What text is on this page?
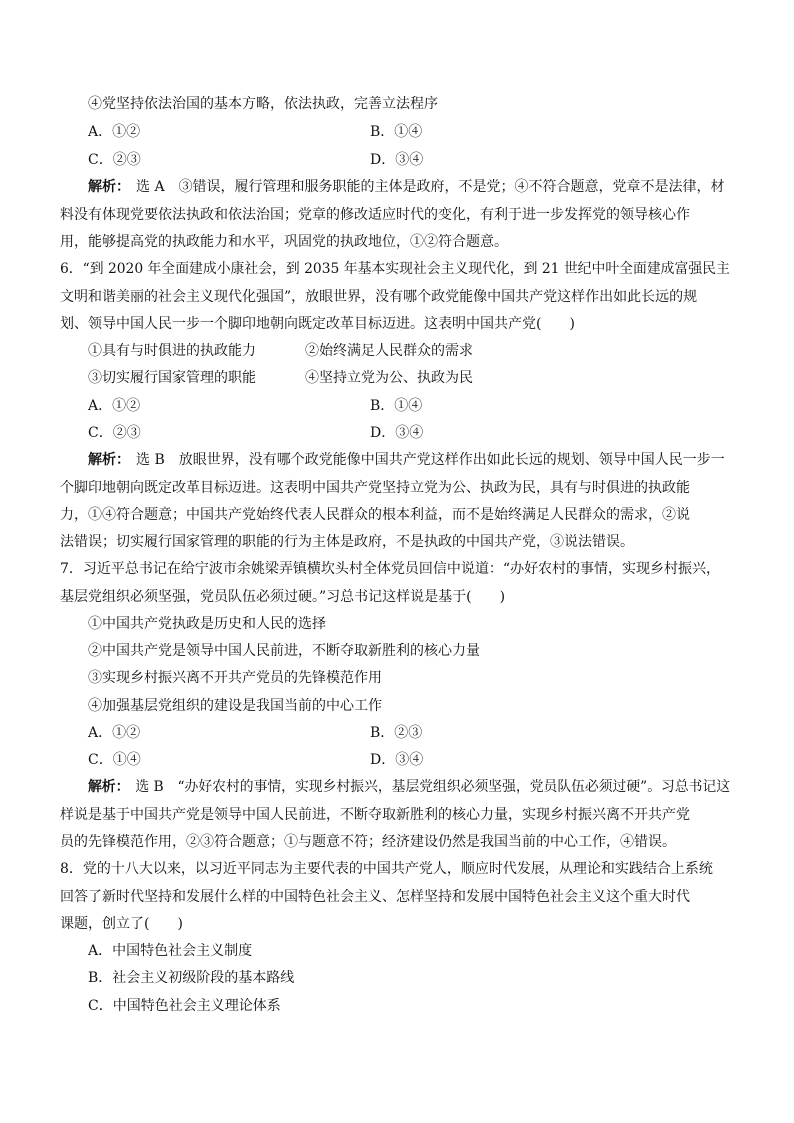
④党坚持依法治国的基本方略，依法执政，完善立法程序
A．①②	B．①④
C．②③	D．③④
解析： 选 A　③错误，履行管理和服务职能的主体是政府，不是党；④不符合题意，党章不是法律，材
料没有体现党要依法执政和依法治国；党章的修改适应时代的变化，有利于进一步发挥党的领导核心作
用，能够提高党的执政能力和水平，巩固党的执政地位，①②符合题意。
6．“到 2020 年全面建成小康社会，到 2035 年基本实现社会主义现代化，到 21 世纪中叶全面建成富强民主
文明和谐美丽的社会主义现代化强国”，放眼世界，没有哪个政党能像中国共产党这样作出如此长远的规
划、领导中国人民一步一个脚印地朝向既定改革目标迈进。这表明中国共产党(　　)
①具有与时俱进的执政能力	②始终满足人民群众的需求
③切实履行国家管理的职能	④坚持立党为公、执政为民
A．①②	B．①④
C．②③	D．③④
解析： 选 B　放眼世界，没有哪个政党能像中国共产党这样作出如此长远的规划、领导中国人民一步一
个脚印地朝向既定改革目标迈进。这表明中国共产党坚持立党为公、执政为民，具有与时俱进的执政能
力，①④符合题意；中国共产党始终代表人民群众的根本利益，而不是始终满足人民群众的需求，②说
法错误；切实履行国家管理的职能的行为主体是政府，不是执政的中国共产党，③说法错误。
7．习近平总书记在给宁波市余姚梁弄镇横坎头村全体党员回信中说道：“办好农村的事情，实现乡村振兴，
基层党组织必须坚强，党员队伍必须过硬。”习总书记这样说是基于(　　)
①中国共产党执政是历史和人民的选择
②中国共产党是领导中国人民前进，不断夺取新胜利的核心力量
③实现乡村振兴离不开共产党员的先锋模范作用
④加强基层党组织的建设是我国当前的中心工作
A．①②	B．②③
C．①④	D．③④
解析： 选 B　“办好农村的事情，实现乡村振兴，基层党组织必须坚强，党员队伍必须过硬”。习总书记这
样说是基于中国共产党是领导中国人民前进，不断夺取新胜利的核心力量，实现乡村振兴离不开共产党
员的先锋模范作用，②③符合题意；①与题意不符；经济建设仍然是我国当前的中心工作，④错误。
8．党的十八大以来，以习近平同志为主要代表的中国共产党人，顺应时代发展，从理论和实践结合上系统
回答了新时代坚持和发展什么样的中国特色社会主义、怎样坚持和发展中国特色社会主义这个重大时代
课题，创立了(　　)
A．中国特色社会主义制度
B．社会主义初级阶段的基本路线
C．中国特色社会主义理论体系
